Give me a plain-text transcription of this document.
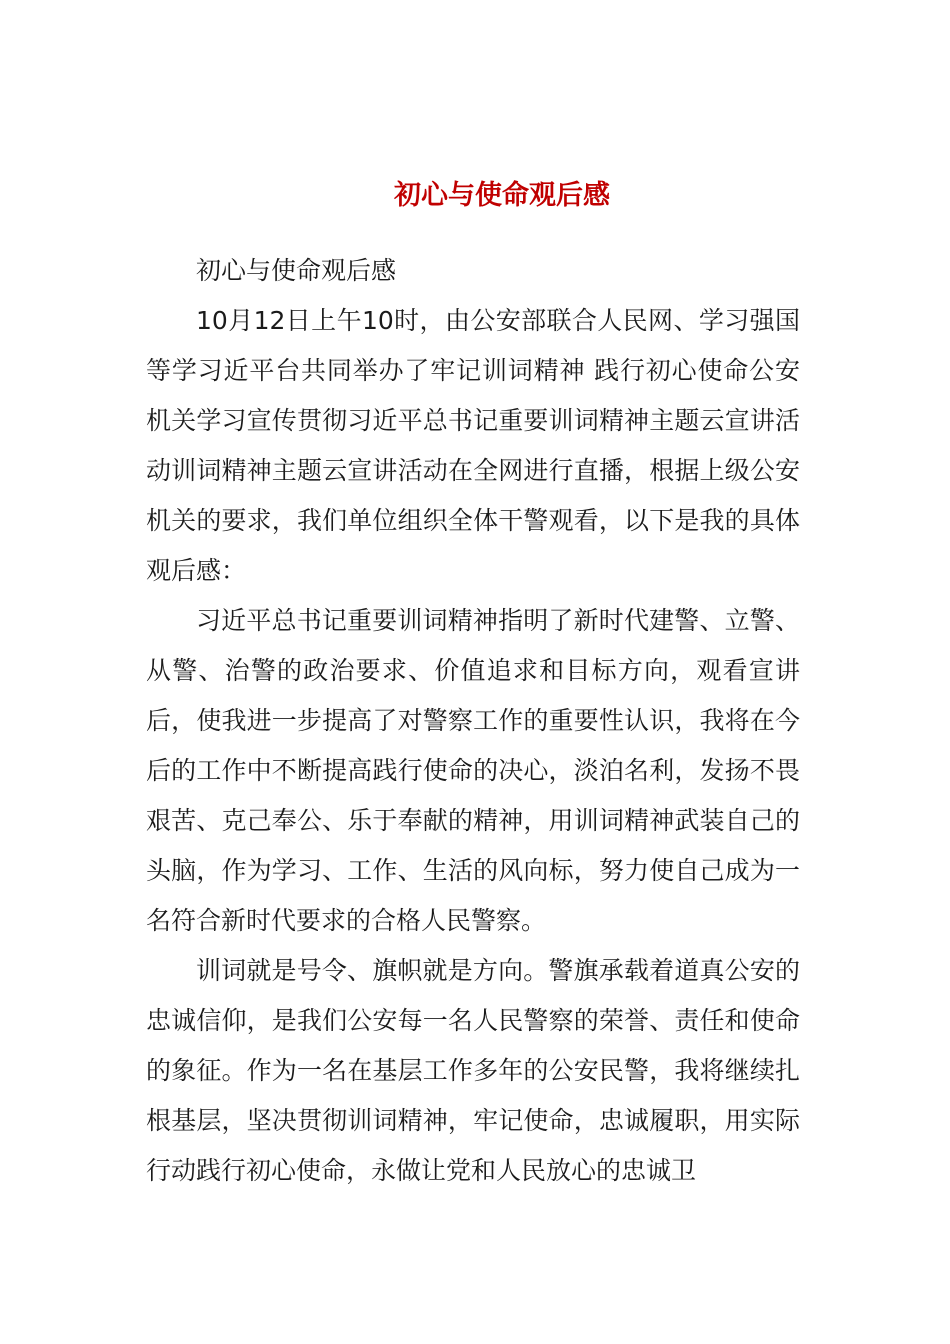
初心与使命观后感

初心与使命观后感

10月12日上午10时，由公安部联合人民网、学习强国等学习近平台共同举办了牢记训词精神 践行初心使命公安机关学习宣传贯彻习近平总书记重要训词精神主题云宣讲活动训词精神主题云宣讲活动在全网进行直播，根据上级公安机关的要求，我们单位组织全体干警观看，以下是我的具体观后感：

习近平总书记重要训词精神指明了新时代建警、立警、从警、治警的政治要求、价值追求和目标方向，观看宣讲后，使我进一步提高了对警察工作的重要性认识，我将在今后的工作中不断提高践行使命的决心，淡泊名利，发扬不畏艰苦、克己奉公、乐于奉献的精神，用训词精神武装自己的头脑，作为学习、工作、生活的风向标，努力使自己成为一名符合新时代要求的合格人民警察。

训词就是号令、旗帜就是方向。警旗承载着道真公安的忠诚信仰，是我们公安每一名人民警察的荣誉、责任和使命的象征。作为一名在基层工作多年的公安民警，我将继续扎根基层，坚决贯彻训词精神，牢记使命，忠诚履职，用实际行动践行初心使命，永做让党和人民放心的忠诚卫
